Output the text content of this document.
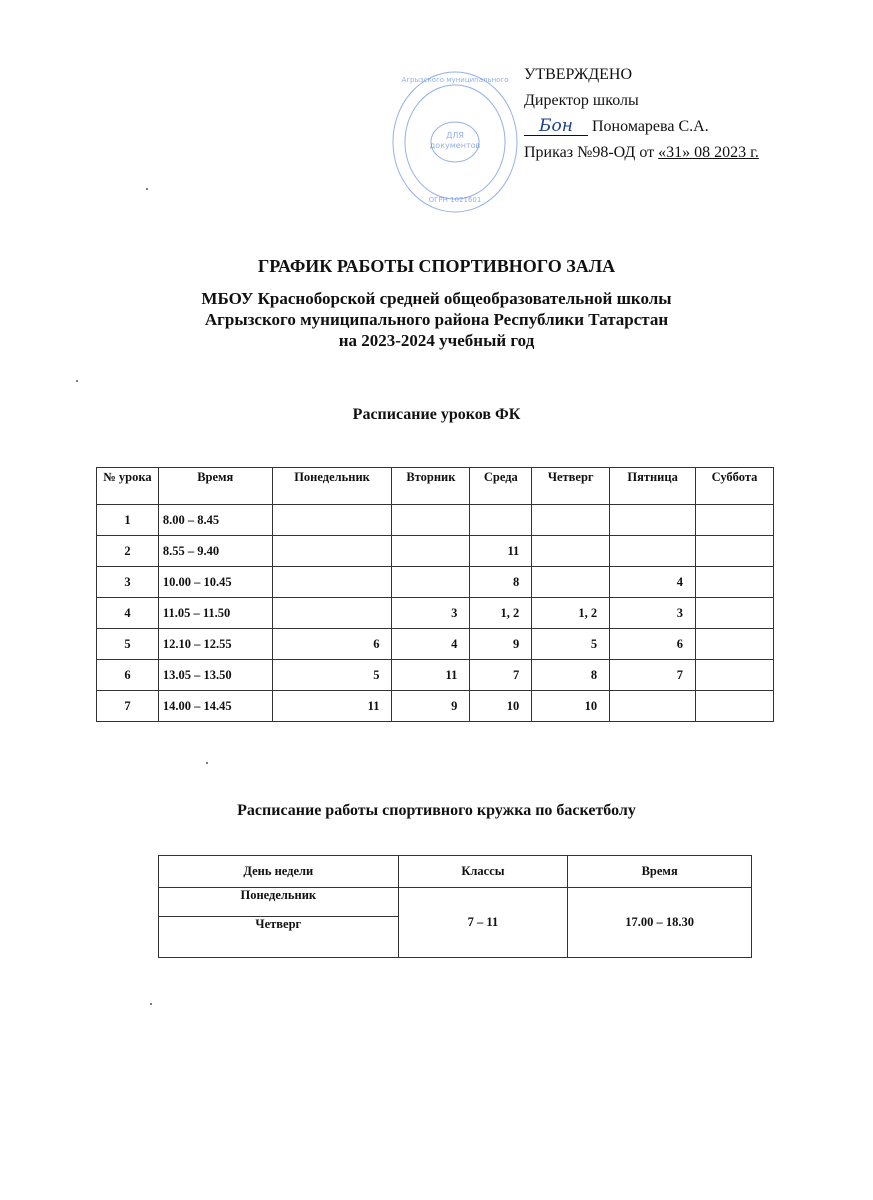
Агрызского муниципального
ДЛЯ
документов
ОГРН 1021601
УТВЕРЖДЕНО
Директор школы
Бон Пономарева С.А.
Приказ №98-ОД от «31» 08 2023 г.
ГРАФИК РАБОТЫ СПОРТИВНОГО ЗАЛА
МБОУ Красноборской средней общеобразовательной школы
Агрызского муниципального района Республики Татарстан
на 2023-2024 учебный год
Расписание уроков ФК
№ урока	Время	Понедельник	Вторник	Среда	Четверг	Пятница	Суббота
1	8.00 – 8.45						
2	8.55 – 9.40			11			
3	10.00 – 10.45			8		4	
4	11.05 – 11.50		3	1, 2	1, 2	3	
5	12.10 – 12.55	6	4	9	5	6	
6	13.05 – 13.50	5	11	7	8	7	
7	14.00 – 14.45	11	9	10	10		
Расписание работы спортивного кружка по баскетболу
День недели	Классы	Время
Понедельник	7 – 11	17.00 – 18.30
Четверг		
